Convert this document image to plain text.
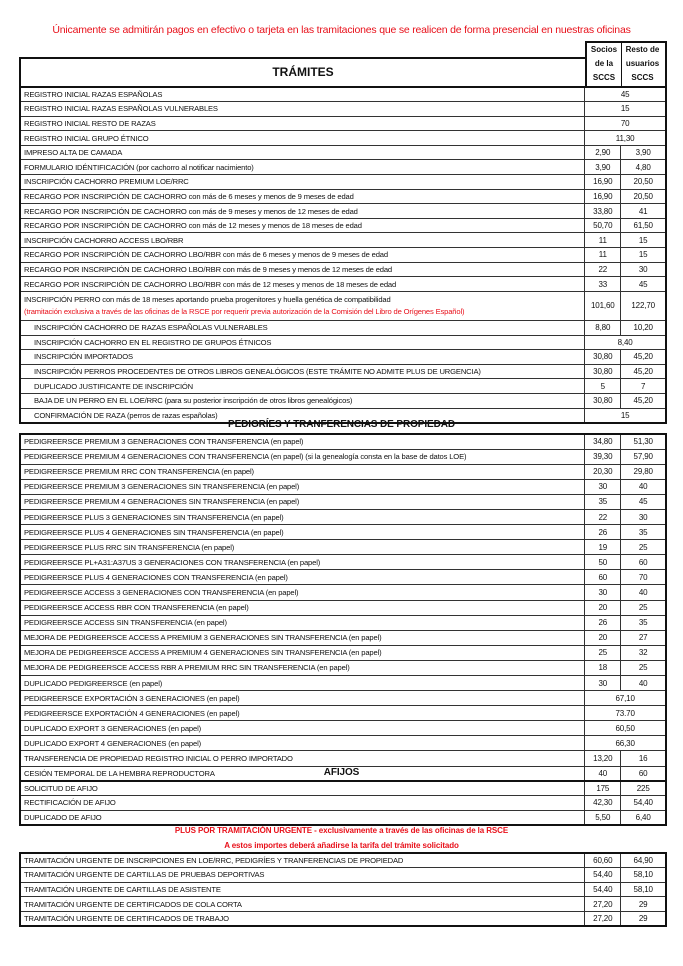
Únicamente se admitirán pagos en efectivo o tarjeta en las tramitaciones que se realicen de forma presencial en nuestras oficinas
TRÁMITES
Socios
de la
SCCS
Resto de
usuarios
SCCS
PEDIGRÍES Y TRANFERENCIAS DE PROPIEDAD
AFIJOS
PLUS POR TRAMITACIÓN URGENTE - exclusivamente a través de las oficinas de la RSCE
A estos importes deberá añadirse la tarifa del trámite solicitado
REGISTRO INICIAL RAZAS ESPAÑOLAS	45	
REGISTRO INICIAL RAZAS ESPAÑOLAS VULNERABLES	15	
REGISTRO INICIAL RESTO DE RAZAS	70	
REGISTRO INICIAL GRUPO ÉTNICO	11,30	
IMPRESO ALTA DE CAMADA	2,90	3,90
FORMULARIO IDÉNTIFICACIÓN (por cachorro al notificar nacimiento)	3,90	4,80
INSCRIPCIÓN CACHORRO PREMIUM LOE/RRC	16,90	20,50
RECARGO POR INSCRIPCIÓN DE CACHORRO con más de 6 meses y menos de 9 meses de edad	16,90	20,50
RECARGO POR INSCRIPCIÓN DE CACHORRO con más de 9 meses y menos de 12 meses de edad	33,80	41
RECARGO POR INSCRIPCIÓN DE CACHORRO con más de 12 meses y menos de 18 meses de edad	50,70	61,50
INSCRIPCIÓN CACHORRO ACCESS LBO/RBR	11	15
RECARGO POR INSCRIPCIÓN DE CACHORRO LBO/RBR con más de 6 meses y menos de 9 meses de edad	11	15
RECARGO POR INSCRIPCIÓN DE CACHORRO LBO/RBR con más de 9 meses y menos de 12 meses de edad	22	30
RECARGO POR INSCRIPCIÓN DE CACHORRO LBO/RBR con más de 12 meses y menos de 18 meses de edad	33	45
INSCRIPCIÓN PERRO con más de 18 meses aportando prueba progenitores y huella genética de compatibilidad
(tramitación exclusiva a través de las oficinas de la RSCE por requerir previa autorización de la Comisión del Libro de Orígenes Español)	101,60	122,70
INSCRIPCIÓN CACHORRO DE RAZAS ESPAÑOLAS VULNERABLES	8,80	10,20
INSCRIPCIÓN CACHORRO EN EL REGISTRO DE GRUPOS ÉTNICOS	8,40	
INSCRIPCIÓN IMPORTADOS	30,80	45,20
INSCRIPCIÓN PERROS PROCEDENTES DE OTROS LIBROS GENEALÓGICOS (ESTE TRÁMITE NO ADMITE PLUS DE URGENCIA)	30,80	45,20
DUPLICADO JUSTIFICANTE DE INSCRIPCIÓN	5	7
BAJA DE UN PERRO EN EL LOE/RRC (para su posterior inscripción de otros libros genealógicos)	30,80	45,20
CONFIRMACIÓN DE RAZA (perros de razas españolas)	15	
PEDIGREERSCE PREMIUM 3 GENERACIONES CON TRANSFERENCIA (en papel)	34,80	51,30
PEDIGREERSCE PREMIUM 4 GENERACIONES CON TRANSFERENCIA (en papel) (si la genealogía consta en la base de datos LOE)	39,30	57,90
PEDIGREERSCE PREMIUM RRC CON TRANSFERENCIA (en papel)	20,30	29,80
PEDIGREERSCE PREMIUM 3 GENERACIONES SIN TRANSFERENCIA (en papel)	30	40
PEDIGREERSCE PREMIUM 4 GENERACIONES SIN TRANSFERENCIA (en papel)	35	45
PEDIGREERSCE PLUS 3 GENERACIONES SIN TRANSFERENCIA (en papel)	22	30
PEDIGREERSCE PLUS 4 GENERACIONES SIN TRANSFERENCIA (en papel)	26	35
PEDIGREERSCE PLUS RRC SIN TRANSFERENCIA (en papel)	19	25
PEDIGREERSCE PL+A31:A37US 3 GENERACIONES CON TRANSFERENCIA (en papel)	50	60
PEDIGREERSCE PLUS 4 GENERACIONES CON TRANSFERENCIA (en papel)	60	70
PEDIGREERSCE ACCESS 3 GENERACIONES CON TRANSFERENCIA (en papel)	30	40
PEDIGREERSCE ACCESS RBR CON TRANSFERENCIA (en papel)	20	25
PEDIGREERSCE ACCESS SIN TRANSFERENCIA (en papel)	26	35
MEJORA DE PEDIGREERSCE ACCESS A PREMIUM 3 GENERACIONES SIN TRANSFERENCIA (en papel)	20	27
MEJORA DE PEDIGREERSCE ACCESS A PREMIUM 4 GENERACIONES SIN TRANSFERENCIA (en papel)	25	32
MEJORA DE PEDIGREERSCE ACCESS RBR A PREMIUM RRC SIN TRANSFERENCIA (en papel)	18	25
DUPLICADO PEDIGREERSCE (en papel)	30	40
PEDIGREERSCE EXPORTACIÓN 3 GENERACIONES (en papel)	67,10	
PEDIGREERSCE EXPORTACIÓN 4 GENERACIONES (en papel)	73.70	
DUPLICADO EXPORT 3 GENERACIONES (en papel)	60,50	
DUPLICADO EXPORT 4 GENERACIONES (en papel)	66,30	
TRANSFERENCIA DE PROPIEDAD REGISTRO INICIAL O PERRO IMPORTADO	13,20	16
CESIÓN TEMPORAL DE LA HEMBRA REPRODUCTORA	40	60
SOLICITUD DE AFIJO	175	225
RECTIFICACIÓN DE AFIJO	42,30	54,40
DUPLICADO DE AFIJO	5,50	6,40
TRAMITACIÓN URGENTE DE INSCRIPCIONES EN LOE/RRC, PEDIGRÍES Y TRANFERENCIAS DE PROPIEDAD	60,60	64,90
TRAMITACIÓN URGENTE DE CARTILLAS DE PRUEBAS DEPORTIVAS	54,40	58,10
TRAMITACIÓN URGENTE DE CARTILLAS DE ASISTENTE	54,40	58,10
TRAMITACIÓN URGENTE DE CERTIFICADOS DE COLA CORTA	27,20	29
TRAMITACIÓN URGENTE DE CERTIFICADOS DE TRABAJO	27,20	29
